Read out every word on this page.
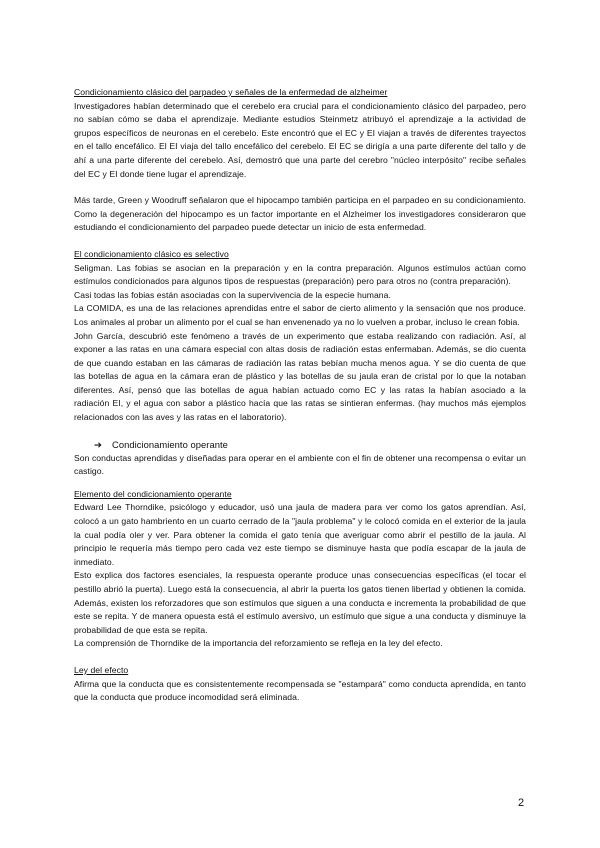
Condicionamiento clásico del parpadeo y señales de la enfermedad de alzheimer

Investigadores habían determinado que el cerebelo era crucial para el condicionamiento clásico del parpadeo, pero no sabían cómo se daba el aprendizaje. Mediante estudios Steinmetz atribuyó el aprendizaje a la actividad de grupos específicos de neuronas en el cerebelo. Este encontró que el EC y EI viajan a través de diferentes trayectos en el tallo encefálico. El EI viaja del tallo encefálico del cerebelo. El EC se dirigía a una parte diferente del tallo y de ahí a una parte diferente del cerebelo. Así, demostró que una parte del cerebro "núcleo interpósito" recibe señales del EC y EI donde tiene lugar el aprendizaje.

Más tarde, Green y Woodruff señalaron que el hipocampo también participa en el parpadeo en su condicionamiento. Como la degeneración del hipocampo es un factor importante en el Alzheimer los investigadores consideraron que estudiando el condicionamiento del parpadeo puede detectar un inicio de esta enfermedad.

El condicionamiento clásico es selectivo

Seligman. Las fobias se asocian en la preparación y en la contra preparación. Algunos estímulos actúan como estímulos condicionados para algunos tipos de respuestas (preparación) pero para otros no (contra preparación).

Casi todas las fobias están asociadas con la supervivencia de la especie humana.

La COMIDA, es una de las relaciones aprendidas entre el sabor de cierto alimento y la sensación que nos produce. Los animales al probar un alimento por el cual se han envenenado ya no lo vuelven a probar, incluso le crean fobia.

John García, descubrió este fenómeno a través de un experimento que estaba realizando con radiación. Así, al exponer a las ratas en una cámara especial con altas dosis de radiación estas enfermaban. Además, se dio cuenta de que cuando estaban en las cámaras de radiación las ratas bebían mucha menos agua. Y se dio cuenta de que las botellas de agua en la cámara eran de plástico y las botellas de su jaula eran de cristal por lo que la notaban diferentes. Así, pensó que las botellas de agua habían actuado como EC y las ratas la habían asociado a la radiación EI, y el agua con sabor a plástico hacía que las ratas se sintieran enfermas. (hay muchos más ejemplos relacionados con las aves y las ratas en el laboratorio).

➔ Condicionamiento operante

Son conductas aprendidas y diseñadas para operar en el ambiente con el fin de obtener una recompensa o evitar un castigo.

Elemento del condicionamiento operante

Edward Lee Thorndike, psicólogo y educador, usó una jaula de madera para ver como los gatos aprendían. Así, colocó a un gato hambriento en un cuarto cerrado de la "jaula problema" y le colocó comida en el exterior de la jaula la cual podía oler y ver. Para obtener la comida el gato tenía que averiguar como abrir el pestillo de la jaula. Al principio le requería más tiempo pero cada vez este tiempo se disminuye hasta que podía escapar de la jaula de inmediato.

Esto explica dos factores esenciales, la respuesta operante produce unas consecuencias específicas (el tocar el pestillo abrió la puerta). Luego está la consecuencia, al abrir la puerta los gatos tienen libertad y obtienen la comida. Además, existen los reforzadores que son estímulos que siguen a una conducta e incrementa la probabilidad de que este se repita. Y de manera opuesta está el estímulo aversivo, un estímulo que sigue a una conducta y disminuye la probabilidad de que esta se repita.

La comprensión de Thorndike de la importancia del reforzamiento se refleja en la ley del efecto.

Ley del efecto

Afirma que la conducta que es consistentemente recompensada se "estampará" como conducta aprendida, en tanto que la conducta que produce incomodidad será eliminada.

2
